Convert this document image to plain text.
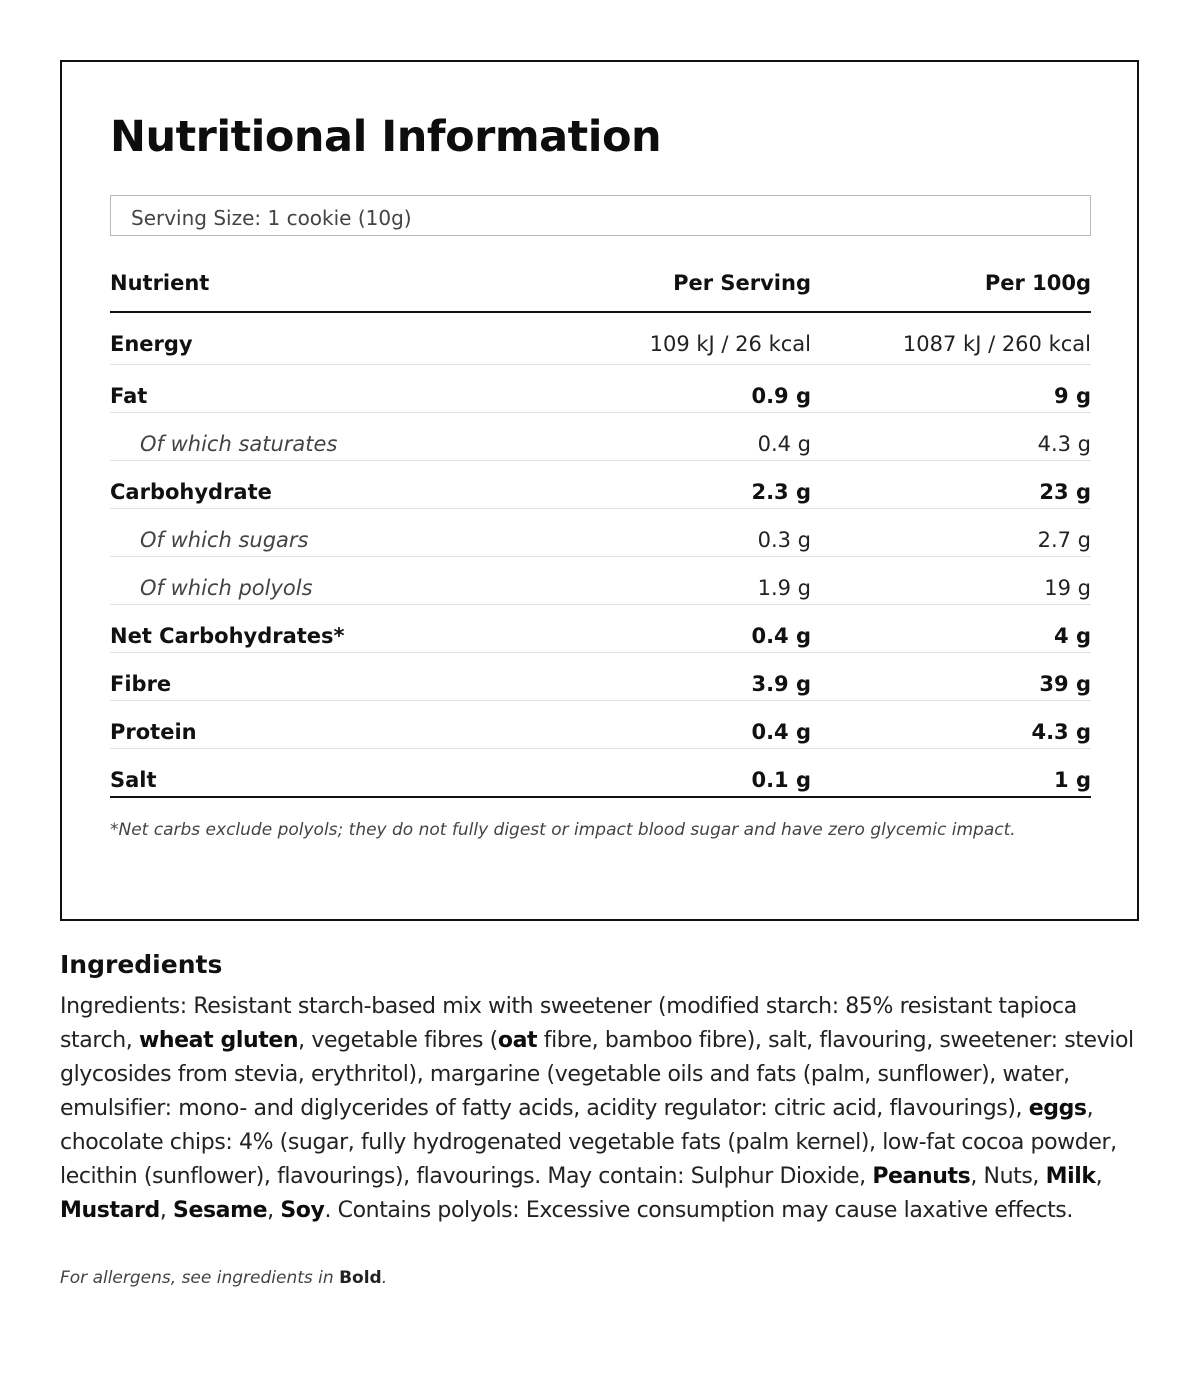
Nutritional Information
Serving Size: 1 cookie (10g)
Nutrient	Per Serving	Per 100g
Energy	109 kJ / 26 kcal	1087 kJ / 260 kcal
Fat	0.9 g	9 g
Of which saturates	0.4 g	4.3 g
Carbohydrate	2.3 g	23 g
Of which sugars	0.3 g	2.7 g
Of which polyols	1.9 g	19 g
Net Carbohydrates*	0.4 g	4 g
Fibre	3.9 g	39 g
Protein	0.4 g	4.3 g
Salt	0.1 g	1 g

*Net carbs exclude polyols; they do not fully digest or impact blood sugar and have zero glycemic impact.

Ingredients

Ingredients: Resistant starch-based mix with sweetener (modified starch: 85% resistant tapioca starch, wheat gluten, vegetable fibres (oat fibre, bamboo fibre), salt, flavouring, sweetener: steviol glycosides from stevia, erythritol), margarine (vegetable oils and fats (palm, sunflower), water, emulsifier: mono- and diglycerides of fatty acids, acidity regulator: citric acid, flavourings), eggs, chocolate chips: 4% (sugar, fully hydrogenated vegetable fats (palm kernel), low-fat cocoa powder, lecithin (sunflower), flavourings), flavourings. May contain: Sulphur Dioxide, Peanuts, Nuts, Milk, Mustard, Sesame, Soy. Contains polyols: Excessive consumption may cause laxative effects.

For allergens, see ingredients in Bold.
